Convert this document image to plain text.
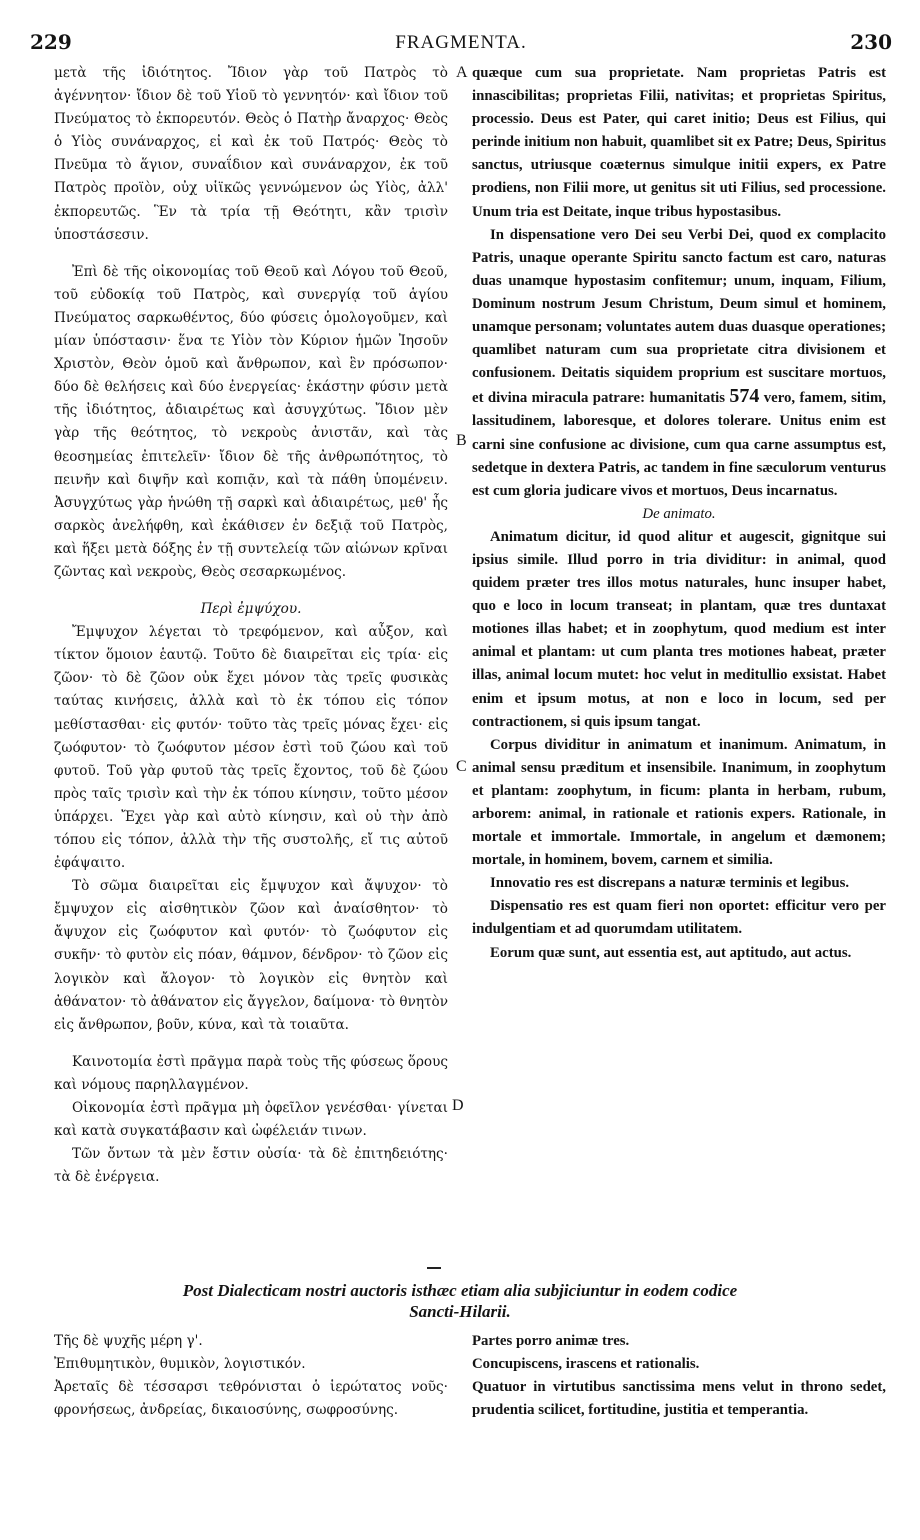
229	FRAGMENTA.	230

μετὰ τῆς ἰδιότητος. Ἴδιον γὰρ τοῦ Πατρὸς τὸ ἀγέννητον· ἴδιον δὲ τοῦ Υἱοῦ τὸ γεννητόν· καὶ ἴδιον τοῦ Πνεύματος τὸ ἐκπορευτόν. Θεὸς ὁ Πατὴρ ἄναρχος· Θεὸς ὁ Υἱὸς συνάναρχος, εἰ καὶ ἐκ τοῦ Πατρός· Θεὸς τὸ Πνεῦμα τὸ ἅγιον, συναΐδιον καὶ συνάναρχον, ἐκ τοῦ Πατρὸς προϊὸν, οὐχ υἱϊκῶς γεννώμενον ὡς Υἱὸς, ἀλλ' ἐκπορευτῶς. Ἓν τὰ τρία τῇ Θεότητι, κἂν τρισὶν ὑποστάσεσιν.

Ἐπὶ δὲ τῆς οἰκονομίας τοῦ Θεοῦ καὶ Λόγου τοῦ Θεοῦ, τοῦ εὐδοκίᾳ τοῦ Πατρὸς, καὶ συνεργίᾳ τοῦ ἁγίου Πνεύματος σαρκωθέντος, δύο φύσεις ὁμολογοῦμεν, καὶ μίαν ὑπόστασιν· ἕνα τε Υἱὸν τὸν Κύριον ἡμῶν Ἰησοῦν Χριστὸν, Θεὸν ὁμοῦ καὶ ἄνθρωπον, καὶ ἓν πρόσωπον· δύο δὲ θελήσεις καὶ δύο ἐνεργείας· ἑκάστην φύσιν μετὰ τῆς ἰδιότητος, ἀδιαιρέτως καὶ ἀσυγχύτως. Ἴδιον μὲν γὰρ τῆς θεότητος, τὸ νεκροὺς ἀνιστᾶν, καὶ τὰς θεοσημείας ἐπιτελεῖν· ἴδιον δὲ τῆς ἀνθρωπότητος, τὸ πεινῆν καὶ διψῆν καὶ κοπιᾷν, καὶ τὰ πάθη ὑπομένειν. Ἀσυγχύτως γὰρ ἡνώθη τῇ σαρκὶ καὶ ἀδιαιρέτως, μεθ' ἧς σαρκὸς ἀνελήφθη, καὶ ἐκάθισεν ἐν δεξιᾷ τοῦ Πατρὸς, καὶ ἥξει μετὰ δόξης ἐν τῇ συντελείᾳ τῶν αἰώνων κρῖναι ζῶντας καὶ νεκροὺς, Θεὸς σεσαρκωμένος.

Περὶ ἐμψύχου.

Ἔμψυχον λέγεται τὸ τρεφόμενον, καὶ αὖξον, καὶ τίκτον ὅμοιον ἑαυτῷ. Τοῦτο δὲ διαιρεῖται εἰς τρία· εἰς ζῶον· τὸ δὲ ζῶον οὐκ ἔχει μόνον τὰς τρεῖς φυσικὰς ταύτας κινήσεις, ἀλλὰ καὶ τὸ ἐκ τόπου εἰς τόπον μεθίστασθαι· εἰς φυτόν· τοῦτο τὰς τρεῖς μόνας ἔχει· εἰς ζωόφυτον· τὸ ζωόφυτον μέσον ἐστὶ τοῦ ζώου καὶ τοῦ φυτοῦ. Τοῦ γὰρ φυτοῦ τὰς τρεῖς ἔχοντος, τοῦ δὲ ζώου πρὸς ταῖς τρισὶν καὶ τὴν ἐκ τόπου κίνησιν, τοῦτο μέσον ὑπάρχει. Ἔχει γὰρ καὶ αὐτὸ κίνησιν, καὶ οὐ τὴν ἀπὸ τόπου εἰς τόπον, ἀλλὰ τὴν τῆς συστολῆς, εἴ τις αὐτοῦ ἐφάψαιτο.

Τὸ σῶμα διαιρεῖται εἰς ἔμψυχον καὶ ἄψυχον· τὸ ἔμψυχον εἰς αἰσθητικὸν ζῶον καὶ ἀναίσθητον· τὸ ἄψυχον εἰς ζωόφυτον καὶ φυτόν· τὸ ζωόφυτον εἰς συκῆν· τὸ φυτὸν εἰς πόαν, θάμνον, δένδρον· τὸ ζῶον εἰς λογικὸν καὶ ἄλογον· τὸ λογικὸν εἰς θνητὸν καὶ ἀθάνατον· τὸ ἀθάνατον εἰς ἄγγελον, δαίμονα· τὸ θνητὸν εἰς ἄνθρωπον, βοῦν, κύνα, καὶ τὰ τοιαῦτα.

Καινοτομία ἐστὶ πρᾶγμα παρὰ τοὺς τῆς φύσεως ὅρους καὶ νόμους παρηλλαγμένον.

Οἰκονομία ἐστὶ πρᾶγμα μὴ ὀφεῖλον γενέσθαι· γίνεται καὶ κατὰ συγκατάβασιν καὶ ὠφέλειάν τινων.

Τῶν ὄντων τὰ μὲν ἔστιν οὐσία· τὰ δὲ ἐπιτηδειότης· τὰ δὲ ἐνέργεια.

A
B
C
D

quæque cum sua proprietate. Nam proprietas Patris est innascibilitas; proprietas Filii, nativitas; et proprietas Spiritus, processio. Deus est Pater, qui caret initio; Deus est Filius, qui perinde initium non habuit, quamlibet sit ex Patre; Deus, Spiritus sanctus, utriusque coæternus simulque initii expers, ex Patre prodiens, non Filii more, ut genitus sit uti Filius, sed processione. Unum tria est Deitate, inque tribus hypostasibus.

In dispensatione vero Dei seu Verbi Dei, quod ex complacito Patris, unaque operante Spiritu sancto factum est caro, naturas duas unamque hypostasim confitemur; unum, inquam, Filium, Dominum nostrum Jesum Christum, Deum simul et hominem, unamque personam; voluntates autem duas duasque operationes; quamlibet naturam cum sua proprietate citra divisionem et confusionem. Deitatis siquidem proprium est suscitare mortuos, et divina miracula patrare: humanitatis 574 vero, famem, sitim, lassitudinem, laboresque, et dolores tolerare. Unitus enim est carni sine confusione ac divisione, cum qua carne assumptus est, sedetque in dextera Patris, ac tandem in fine sæculorum venturus est cum gloria judicare vivos et mortuos, Deus incarnatus.

De animato.

Animatum dicitur, id quod alitur et augescit, gignitque sui ipsius simile. Illud porro in tria dividitur: in animal, quod quidem præter tres illos motus naturales, hunc insuper habet, quo e loco in locum transeat; in plantam, quæ tres duntaxat motiones illas habet; et in zoophytum, quod medium est inter animal et plantam: ut cum planta tres motiones habeat, præter illas, animal locum mutet: hoc velut in meditullio exsistat. Habet enim et ipsum motus, at non e loco in locum, sed per contractionem, si quis ipsum tangat.

Corpus dividitur in animatum et inanimum. Animatum, in animal sensu præditum et insensibile. Inanimum, in zoophytum et plantam: zoophytum, in ficum: planta in herbam, rubum, arborem: animal, in rationale et rationis expers. Rationale, in mortale et immortale. Immortale, in angelum et dæmonem; mortale, in hominem, bovem, carnem et similia.

Innovatio res est discrepans a naturæ terminis et legibus.

Dispensatio res est quam fieri non oportet: efficitur vero per indulgentiam et ad quorumdam utilitatem.

Eorum quæ sunt, aut essentia est, aut aptitudo, aut actus.

Post Dialecticam nostri auctoris isthæc etiam alia subjiciuntur in eodem codice
Sancti-Hilarii.

Τῆς δὲ ψυχῆς μέρη γ'.

Ἐπιθυμητικὸν, θυμικὸν, λογιστικόν.

Ἀρεταῖς δὲ τέσσαρσι τεθρόνισται ὁ ἱερώτατος νοῦς· φρονήσεως, ἀνδρείας, δικαιοσύνης, σωφροσύνης.

Partes porro animæ tres.

Concupiscens, irascens et rationalis.

Quatuor in virtutibus sanctissima mens velut in throno sedet, prudentia scilicet, fortitudine, justitia et temperantia.
